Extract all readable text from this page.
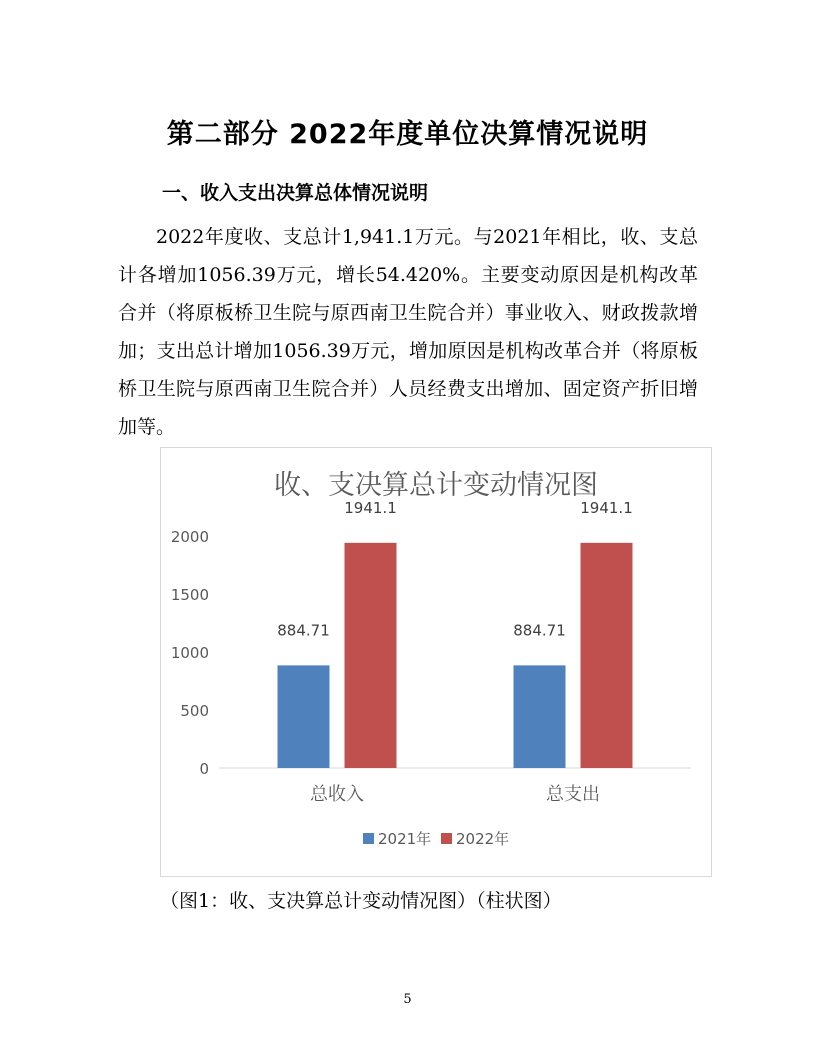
第二部分 2022年度单位决算情况说明
一、收入支出决算总体情况说明

2022年度收、支总计1,941.1万元。与2021年相比，收、支总计各增加1056.39万元，增长54.420%。主要变动原因是机构改革合并（将原板桥卫生院与原西南卫生院合并）事业收入、财政拨款增加；支出总计增加1056.39万元，增加原因是机构改革合并（将原板桥卫生院与原西南卫生院合并）人员经费支出增加、固定资产折旧增加等。

收、支决算总计变动情况图
0
500
1000
1500
2000
总收入	总支出
884.71
1941.1
884.71
1941.1
2021年 2022年
（图1：收、支决算总计变动情况图）（柱状图）
5
